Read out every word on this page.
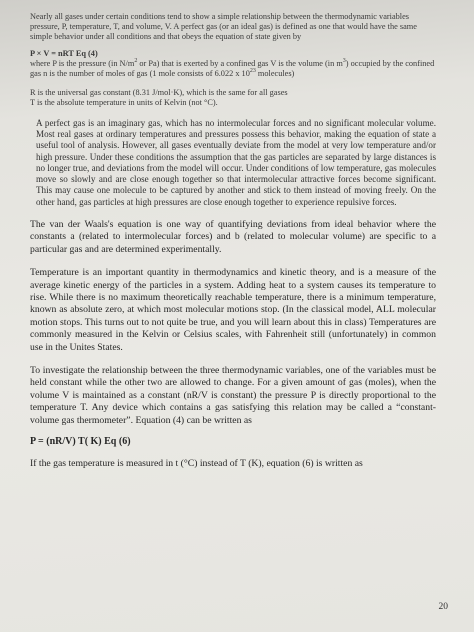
Nearly all gases under certain conditions tend to show a simple relationship between the thermodynamic variables pressure, P, temperature, T, and volume, V. A perfect gas (or an ideal gas) is defined as one that would have the same simple behavior under all conditions and that obeys the equation of state given by

P × V = nRT Eq (4)

where P is the pressure (in $N/m^2$ or Pa) that is exerted by a confined gas V is the volume (in $m^3$) occupied by the confined gas n is the number of moles of gas (1 mole consists of 6.022 x $10^{23}$ molecules)

R is the universal gas constant (8.31 J/mol·K), which is the same for all gases

T is the absolute temperature in units of Kelvin (not °C).

A perfect gas is an imaginary gas, which has no intermolecular forces and no significant molecular volume. Most real gases at ordinary temperatures and pressures possess this behavior, making the equation of state a useful tool of analysis. However, all gases eventually deviate from the model at very low temperature and/or high pressure. Under these conditions the assumption that the gas particles are separated by large distances is no longer true, and deviations from the model will occur. Under conditions of low temperature, gas molecules move so slowly and are close enough together so that intermolecular attractive forces become significant. This may cause one molecule to be captured by another and stick to them instead of moving freely. On the other hand, gas particles at high pressures are close enough together to experience repulsive forces.

The van der Waals's equation is one way of quantifying deviations from ideal behavior where the constants a (related to intermolecular forces) and b (related to molecular volume) are specific to a particular gas and are determined experimentally.

Temperature is an important quantity in thermodynamics and kinetic theory, and is a measure of the average kinetic energy of the particles in a system. Adding heat to a system causes its temperature to rise. While there is no maximum theoretically reachable temperature, there is a minimum temperature, known as absolute zero, at which most molecular motions stop. (In the classical model, ALL molecular motion stops. This turns out to not quite be true, and you will learn about this in class) Temperatures are commonly measured in the Kelvin or Celsius scales, with Fahrenheit still (unfortunately) in common use in the Unites States.

To investigate the relationship between the three thermodynamic variables, one of the variables must be held constant while the other two are allowed to change. For a given amount of gas (moles), when the volume V is maintained as a constant (nR/V is constant) the pressure P is directly proportional to the temperature T. Any device which contains a gas satisfying this relation may be called a “constant-volume gas thermometer”. Equation (4) can be written as

P = (nR/V) T( K) Eq (6)

If the gas temperature is measured in t (°C) instead of T (K), equation (6) is written as

20
